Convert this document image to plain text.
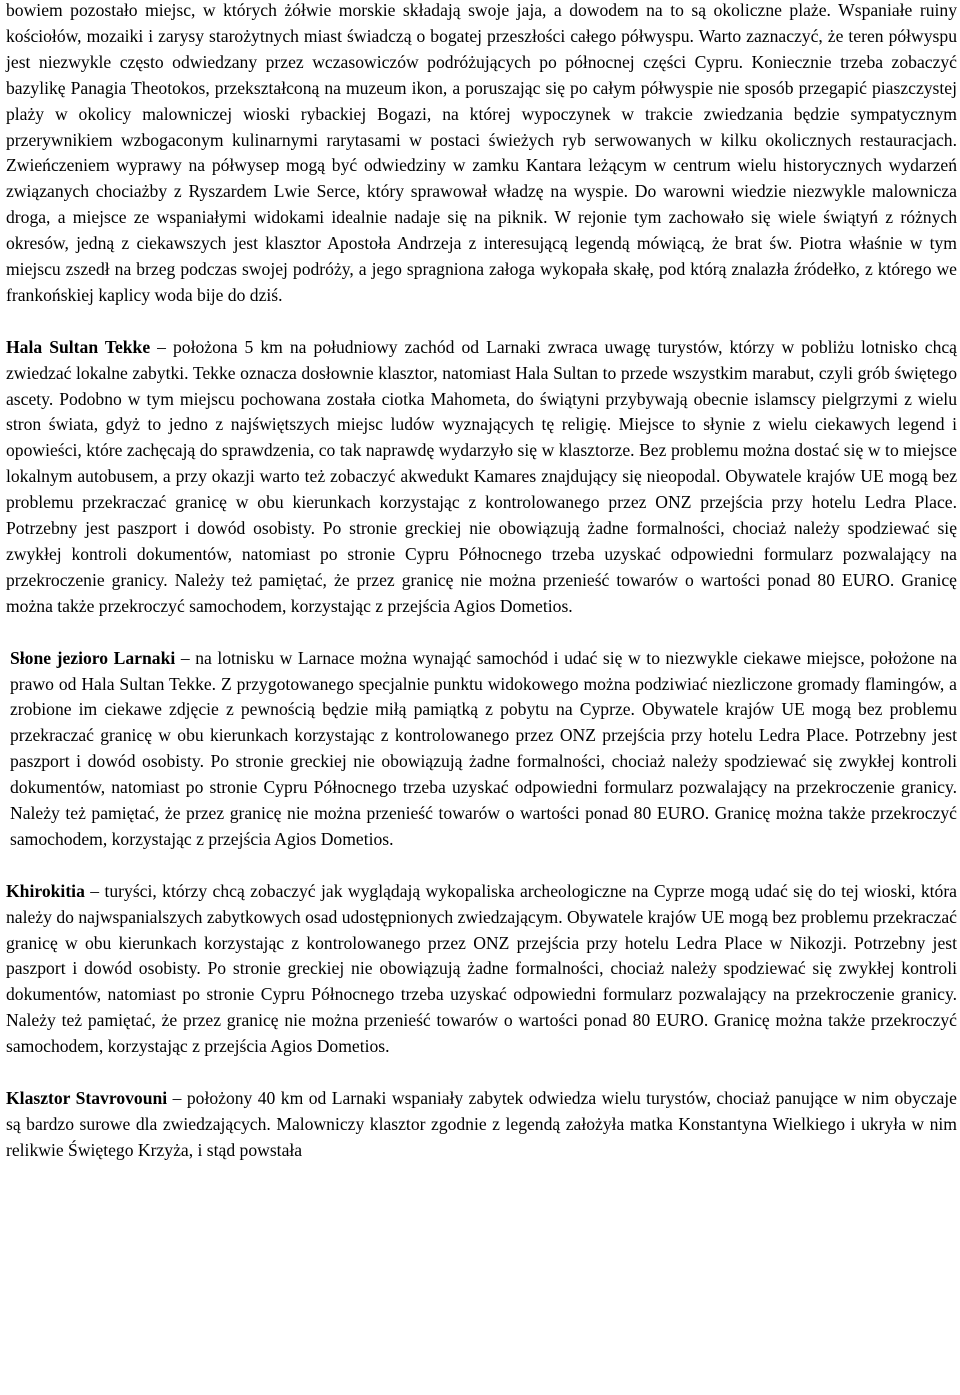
bowiem pozostało miejsc, w których żółwie morskie składają swoje jaja, a dowodem na to są okoliczne plaże. Wspaniałe ruiny kościołów, mozaiki i zarysy starożytnych miast świadczą o bogatej przeszłości całego półwyspu. Warto zaznaczyć, że teren półwyspu jest niezwykle często odwiedzany przez wczasowiczów podróżujących po północnej części Cypru. Koniecznie trzeba zobaczyć bazylikę Panagia Theotokos, przekształconą na muzeum ikon, a poruszając się po całym półwyspie nie sposób przegapić piaszczystej plaży w okolicy malowniczej wioski rybackiej Bogazi, na której wypoczynek w trakcie zwiedzania będzie sympatycznym przerywnikiem wzbogaconym kulinarnymi rarytasami w postaci świeżych ryb serwowanych w kilku okolicznych restauracjach. Zwieńczeniem wyprawy na półwysep mogą być odwiedziny w zamku Kantara leżącym w centrum wielu historycznych wydarzeń związanych chociażby z Ryszardem Lwie Serce, który sprawował władzę na wyspie. Do warowni wiedzie niezwykle malownicza droga, a miejsce ze wspaniałymi widokami idealnie nadaje się na piknik. W rejonie tym zachowało się wiele świątyń z różnych okresów, jedną z ciekawszych jest klasztor Apostoła Andrzeja z interesującą legendą mówiącą, że brat św. Piotra właśnie w tym miejscu zszedł na brzeg podczas swojej podróży, a jego spragniona załoga wykopała skałę, pod którą znalazła źródełko, z którego we frankońskiej kaplicy woda bije do dziś.

Hala Sultan Tekke – położona 5 km na południowy zachód od Larnaki zwraca uwagę turystów, którzy w pobliżu lotnisko chcą zwiedzać lokalne zabytki. Tekke oznacza dosłownie klasztor, natomiast Hala Sultan to przede wszystkim marabut, czyli grób świętego ascety. Podobno w tym miejscu pochowana została ciotka Mahometa, do świątyni przybywają obecnie islamscy pielgrzymi z wielu stron świata, gdyż to jedno z najświętszych miejsc ludów wyznających tę religię. Miejsce to słynie z wielu ciekawych legend i opowieści, które zachęcają do sprawdzenia, co tak naprawdę wydarzyło się w klasztorze. Bez problemu można dostać się w to miejsce lokalnym autobusem, a przy okazji warto też zobaczyć akwedukt Kamares znajdujący się nieopodal. Obywatele krajów UE mogą bez problemu przekraczać granicę w obu kierunkach korzystając z kontrolowanego przez ONZ przejścia przy hotelu Ledra Place. Potrzebny jest paszport i dowód osobisty. Po stronie greckiej nie obowiązują żadne formalności, chociaż należy spodziewać się zwykłej kontroli dokumentów, natomiast po stronie Cypru Północnego trzeba uzyskać odpowiedni formularz pozwalający na przekroczenie granicy. Należy też pamiętać, że przez granicę nie można przenieść towarów o wartości ponad 80 EURO. Granicę można także przekroczyć samochodem, korzystając z przejścia Agios Dometios.

Słone jezioro Larnaki – na lotnisku w Larnace można wynająć samochód i udać się w to niezwykle ciekawe miejsce, położone na prawo od Hala Sultan Tekke. Z przygotowanego specjalnie punktu widokowego można podziwiać niezliczone gromady flamingów, a zrobione im ciekawe zdjęcie z pewnością będzie miłą pamiątką z pobytu na Cyprze. Obywatele krajów UE mogą bez problemu przekraczać granicę w obu kierunkach korzystając z kontrolowanego przez ONZ przejścia przy hotelu Ledra Place. Potrzebny jest paszport i dowód osobisty. Po stronie greckiej nie obowiązują żadne formalności, chociaż należy spodziewać się zwykłej kontroli dokumentów, natomiast po stronie Cypru Północnego trzeba uzyskać odpowiedni formularz pozwalający na przekroczenie granicy. Należy też pamiętać, że przez granicę nie można przenieść towarów o wartości ponad 80 EURO. Granicę można także przekroczyć samochodem, korzystając z przejścia Agios Dometios.

Khirokitia – turyści, którzy chcą zobaczyć jak wyglądają wykopaliska archeologiczne na Cyprze mogą udać się do tej wioski, która należy do najwspanialszych zabytkowych osad udostępnionych zwiedzającym. Obywatele krajów UE mogą bez problemu przekraczać granicę w obu kierunkach korzystając z kontrolowanego przez ONZ przejścia przy hotelu Ledra Place w Nikozji. Potrzebny jest paszport i dowód osobisty. Po stronie greckiej nie obowiązują żadne formalności, chociaż należy spodziewać się zwykłej kontroli dokumentów, natomiast po stronie Cypru Północnego trzeba uzyskać odpowiedni formularz pozwalający na przekroczenie granicy. Należy też pamiętać, że przez granicę nie można przenieść towarów o wartości ponad 80 EURO. Granicę można także przekroczyć samochodem, korzystając z przejścia Agios Dometios.

Klasztor Stavrovouni – położony 40 km od Larnaki wspaniały zabytek odwiedza wielu turystów, chociaż panujące w nim obyczaje są bardzo surowe dla zwiedzających. Malowniczy klasztor zgodnie z legendą założyła matka Konstantyna Wielkiego i ukryła w nim relikwie Świętego Krzyża, i stąd powstała
